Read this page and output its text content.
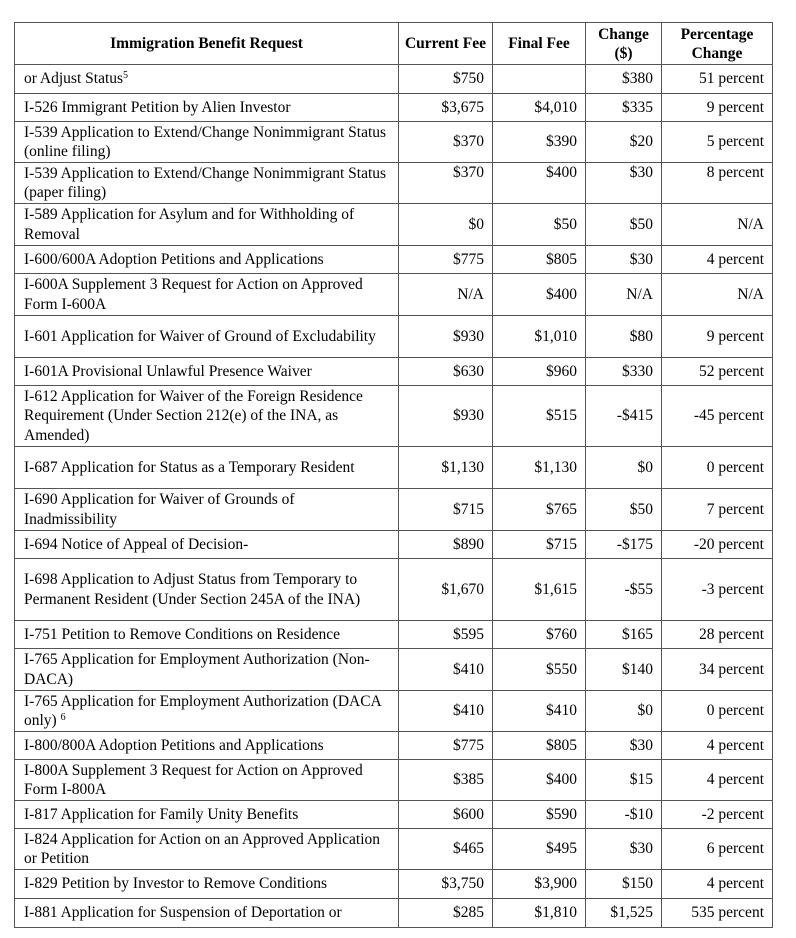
Immigration Benefit Request	Current Fee	Final Fee	Change ($)	Percentage Change
or Adjust Status$^5$	$750		$380	51 percent
I-526 Immigrant Petition by Alien Investor	$3,675	$4,010	$335	9 percent
I-539 Application to Extend/Change Nonimmigrant Status (online filing)	$370	$390	$20	5 percent
I-539 Application to Extend/Change Nonimmigrant Status (paper filing)	$370	$400	$30	8 percent
I-589 Application for Asylum and for Withholding of Removal	$0	$50	$50	N/A
I-600/600A Adoption Petitions and Applications	$775	$805	$30	4 percent
I-600A Supplement 3 Request for Action on Approved Form I-600A	N/A	$400	N/A	N/A
I-601 Application for Waiver of Ground of Excludability	$930	$1,010	$80	9 percent
I-601A Provisional Unlawful Presence Waiver	$630	$960	$330	52 percent
I-612 Application for Waiver of the Foreign Residence Requirement (Under Section 212(e) of the INA, as Amended)	$930	$515	-$415	-45 percent
I-687 Application for Status as a Temporary Resident	$1,130	$1,130	$0	0 percent
I-690 Application for Waiver of Grounds of Inadmissibility	$715	$765	$50	7 percent
I-694 Notice of Appeal of Decision-	$890	$715	-$175	-20 percent
I-698 Application to Adjust Status from Temporary to Permanent Resident (Under Section 245A of the INA)	$1,670	$1,615	-$55	-3 percent
I-751 Petition to Remove Conditions on Residence	$595	$760	$165	28 percent
I-765 Application for Employment Authorization (Non-DACA)	$410	$550	$140	34 percent
I-765 Application for Employment Authorization (DACA only) $^6$	$410	$410	$0	0 percent
I-800/800A Adoption Petitions and Applications	$775	$805	$30	4 percent
I-800A Supplement 3 Request for Action on Approved Form I-800A	$385	$400	$15	4 percent
I-817 Application for Family Unity Benefits	$600	$590	-$10	-2 percent
I-824 Application for Action on an Approved Application or Petition	$465	$495	$30	6 percent
I-829 Petition by Investor to Remove Conditions	$3,750	$3,900	$150	4 percent
I-881 Application for Suspension of Deportation or	$285	$1,810	$1,525	535 percent
